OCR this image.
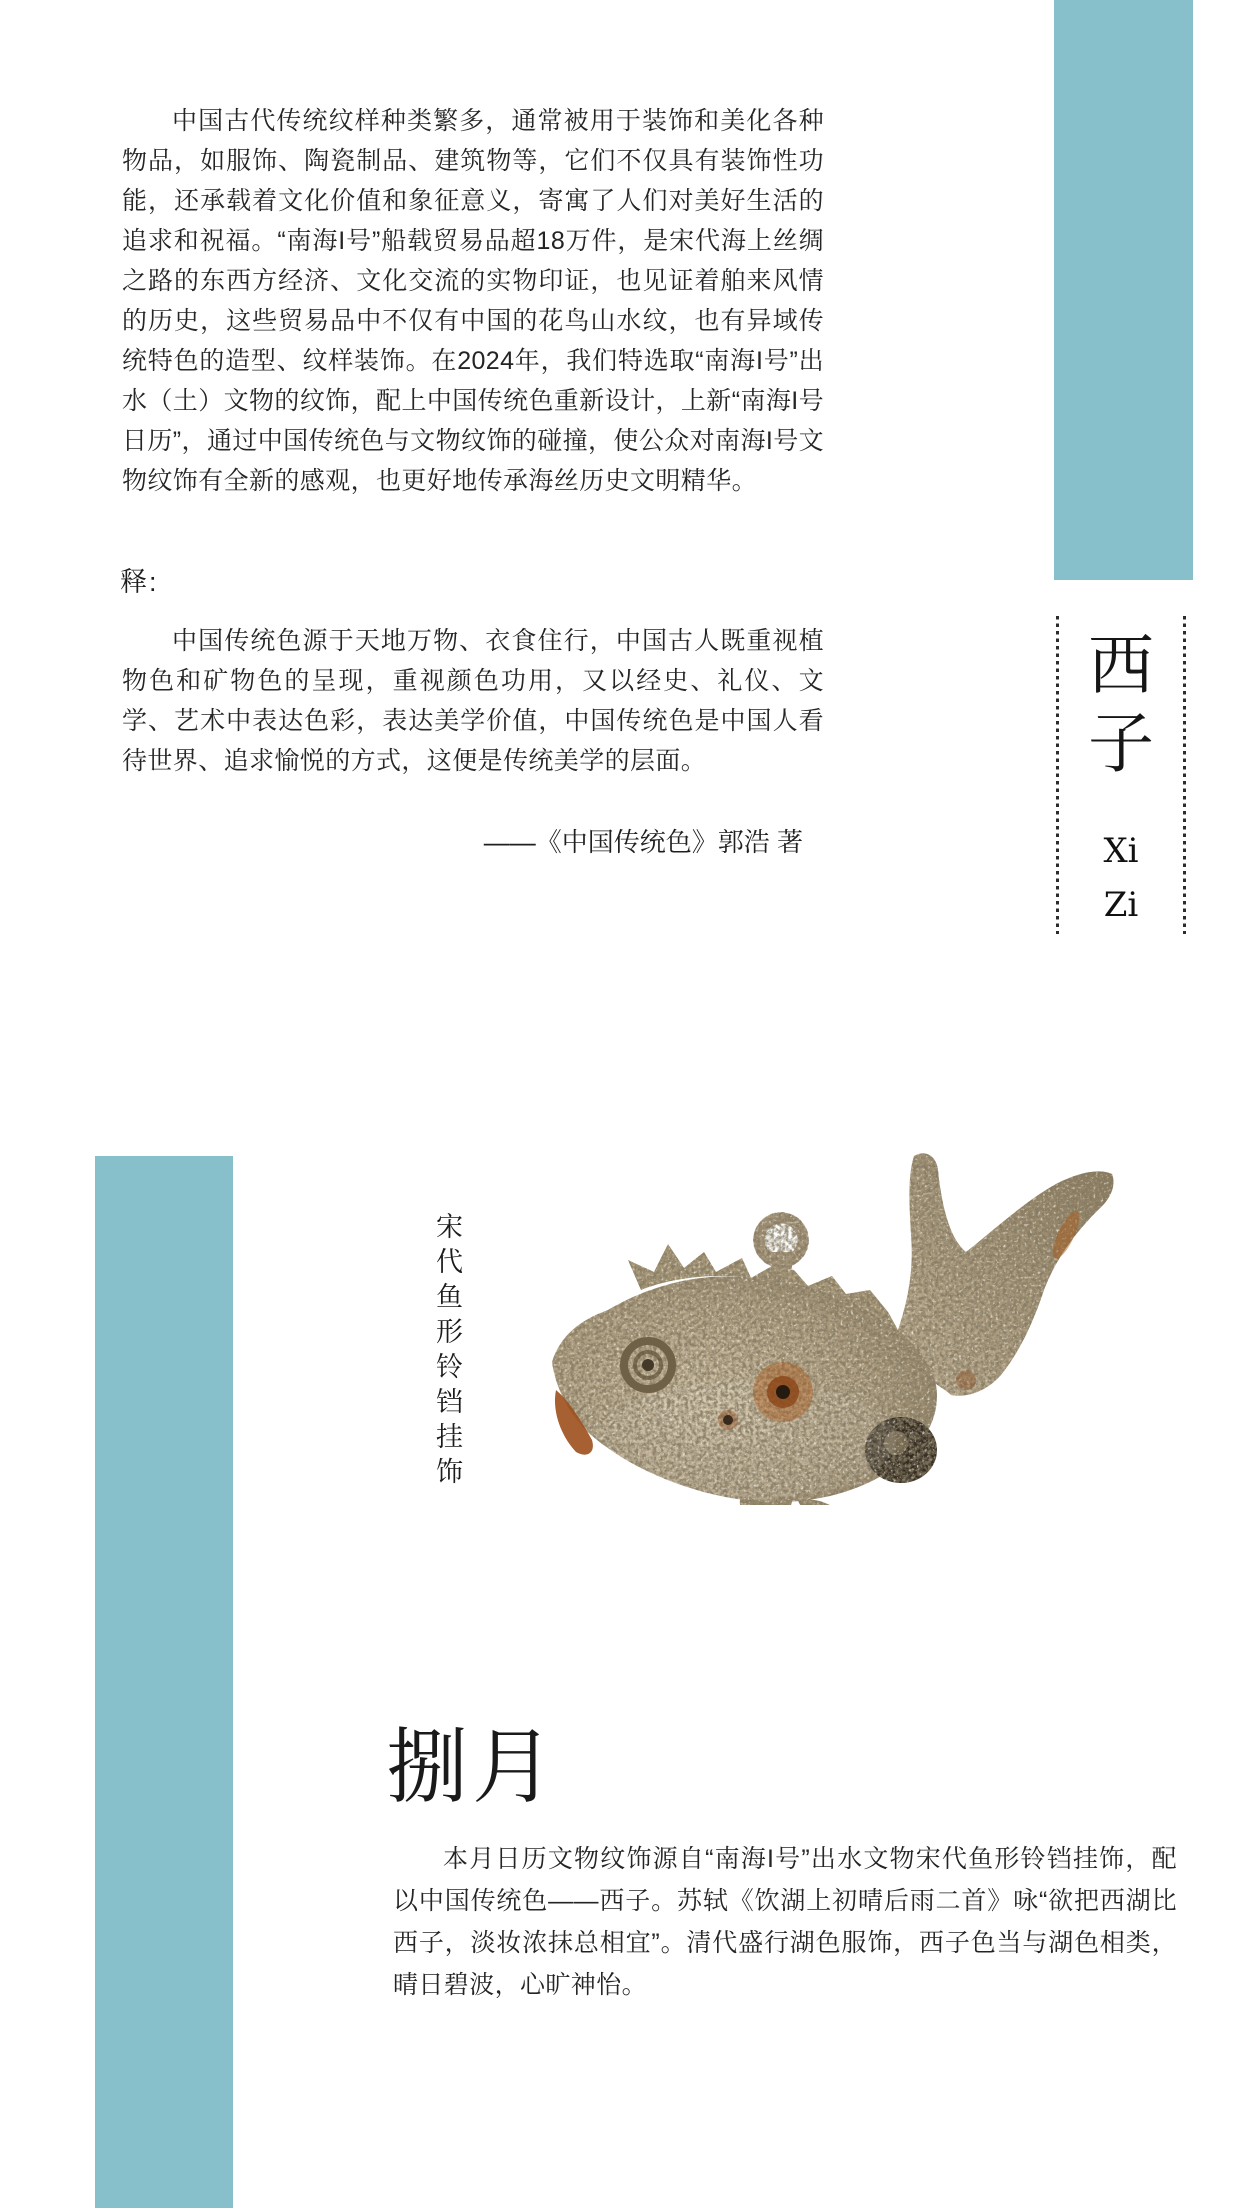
中国古代传统纹样种类繁多，通常被用于装饰和美化各种物品，如服饰、陶瓷制品、建筑物等，它们不仅具有装饰性功能，还承载着文化价值和象征意义，寄寓了人们对美好生活的追求和祝福。“南海I号”船载贸易品超18万件，是宋代海上丝绸之路的东西方经济、文化交流的实物印证，也见证着舶来风情的历史，这些贸易品中不仅有中国的花鸟山水纹，也有异域传统特色的造型、纹样装饰。在2024年，我们特选取“南海I号”出水（土）文物的纹饰，配上中国传统色重新设计，上新“南海I号日历”，通过中国传统色与文物纹饰的碰撞，使公众对南海I号文物纹饰有全新的感观，也更好地传承海丝历史文明精华。

释:

中国传统色源于天地万物、衣食住行，中国古人既重视植物色和矿物色的呈现，重视颜色功用，又以经史、礼仪、文学、艺术中表达色彩，表达美学价值，中国传统色是中国人看待世界、追求愉悦的方式，这便是传统美学的层面。

——《中国传统色》郭浩 著
西
子
Xi
Zi
宋代鱼形铃铛挂饰
捌月

本月日历文物纹饰源自“南海I号”出水文物宋代鱼形铃铛挂饰，配以中国传统色——西子。苏轼《饮湖上初晴后雨二首》咏“欲把西湖比西子，淡妆浓抹总相宜”。清代盛行湖色服饰，西子色当与湖色相类，晴日碧波，心旷神怡。
